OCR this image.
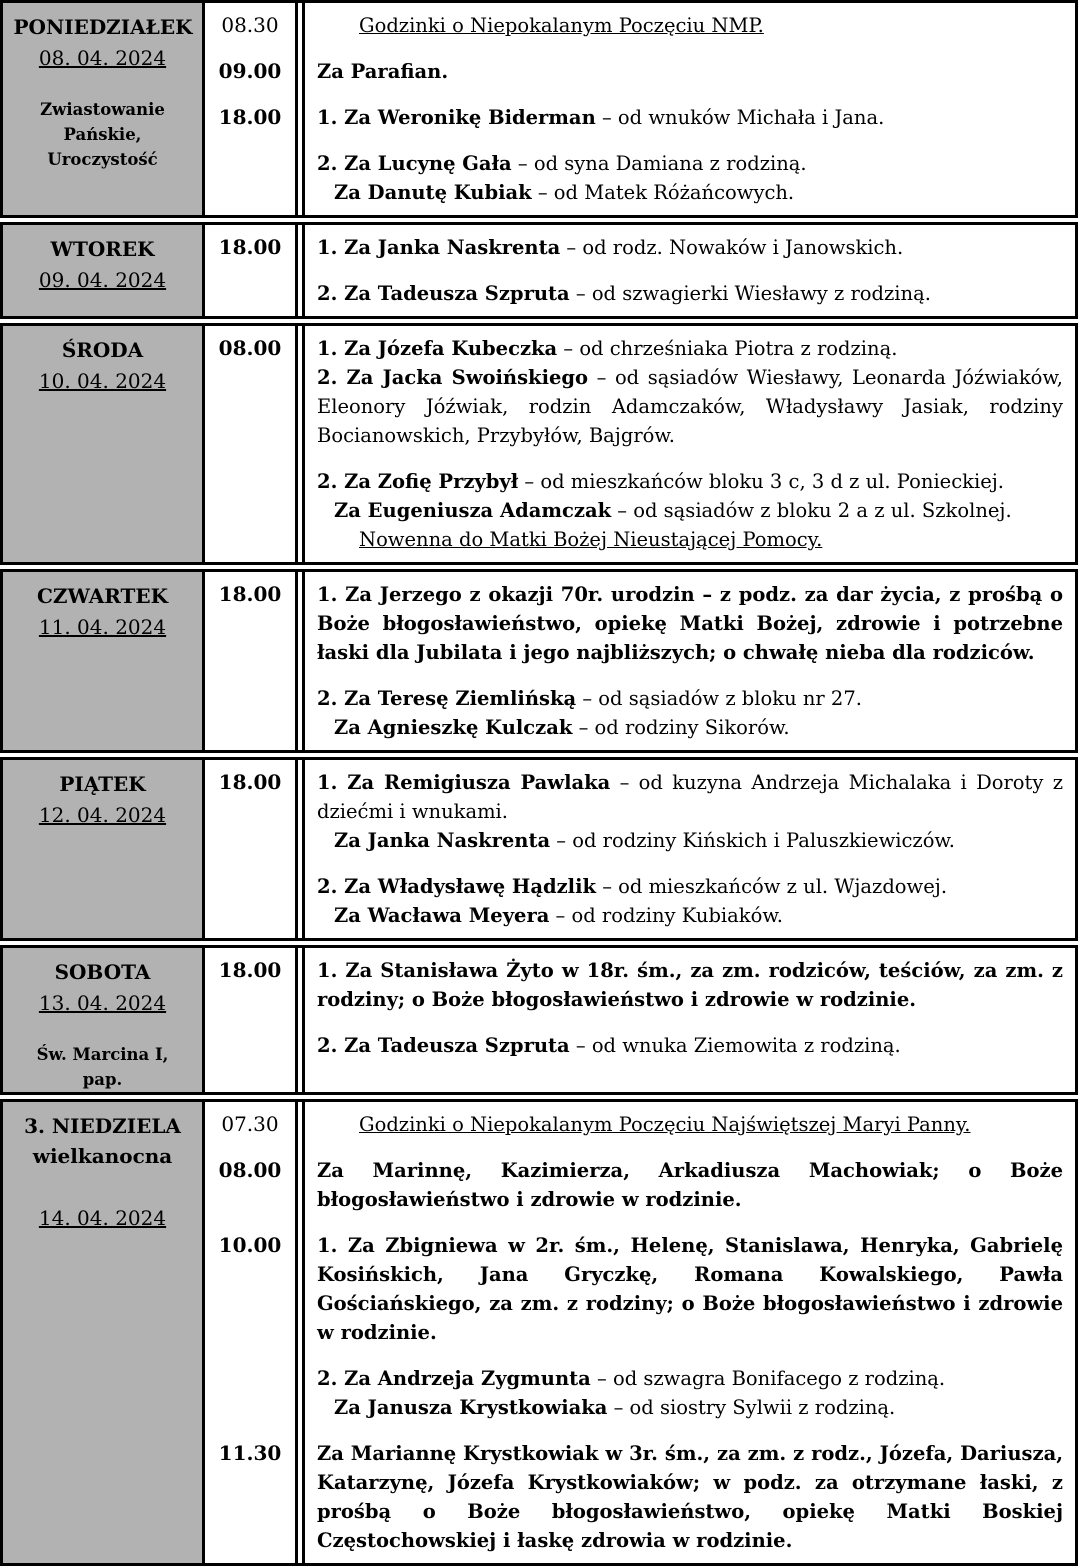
PONIEDZIAŁEK
08. 04. 2024
Zwiastowanie Pańskie, Uroczystość
08.30	Godzinki o Niepokalanym Poczęciu NMP.
09.00	Za Parafian.
18.00	1. Za Weronikę Biderman – od wnuków Michała i Jana.
2. Za Lucynę Gała – od syna Damiana z rodziną.
Za Danutę Kubiak – od Matek Różańcowych.
WTOREK
09. 04. 2024
18.00	1. Za Janka Naskrenta – od rodz. Nowaków i Janowskich.
2. Za Tadeusza Szpruta – od szwagierki Wiesławy z rodziną.
ŚRODA
10. 04. 2024
08.00	1. Za Józefa Kubeczka – od chrześniaka Piotra z rodziną.
2. Za Jacka Swoińskiego – od sąsiadów Wiesławy, Leonarda Jóźwiaków, Eleonory Jóźwiak, rodzin Adamczaków, Władysławy Jasiak, rodziny Bocianowskich, Przybyłów, Bajgrów.
2. Za Zofię Przybył – od mieszkańców bloku 3 c, 3 d z ul. Ponieckiej.
Za Eugeniusza Adamczak – od sąsiadów z bloku 2 a z ul. Szkolnej.
Nowenna do Matki Bożej Nieustającej Pomocy.
CZWARTEK
11. 04. 2024
18.00	1. Za Jerzego z okazji 70r. urodzin – z podz. za dar życia, z prośbą o Boże błogosławieństwo, opiekę Matki Bożej, zdrowie i potrzebne łaski dla Jubilata i jego najbliższych; o chwałę nieba dla rodziców.
2. Za Teresę Ziemlińską – od sąsiadów z bloku nr 27.
Za Agnieszkę Kulczak – od rodziny Sikorów.
PIĄTEK
12. 04. 2024
18.00	1. Za Remigiusza Pawlaka – od kuzyna Andrzeja Michalaka i Doroty z dziećmi i wnukami.
Za Janka Naskrenta – od rodziny Kińskich i Paluszkiewiczów.
2. Za Władysławę Hądzlik – od mieszkańców z ul. Wjazdowej.
Za Wacława Meyera – od rodziny Kubiaków.
SOBOTA
13. 04. 2024
Św. Marcina I, pap.
18.00	1. Za Stanisława Żyto w 18r. śm., za zm. rodziców, teściów, za zm. z rodziny; o Boże błogosławieństwo i zdrowie w rodzinie.
2. Za Tadeusza Szpruta – od wnuka Ziemowita z rodziną.
3. NIEDZIELA wielkanocna
14. 04. 2024
07.30	Godzinki o Niepokalanym Poczęciu Najświętszej Maryi Panny.
08.00	Za Marinnę, Kazimierza, Arkadiusza Machowiak; o Boże błogosławieństwo i zdrowie w rodzinie.
10.00	1. Za Zbigniewa w 2r. śm., Helenę, Stanislawa, Henryka, Gabrielę Kosińskich, Jana Gryczkę, Romana Kowalskiego, Pawła Gościańskiego, za zm. z rodziny; o Boże błogosławieństwo i zdrowie w rodzinie.
2. Za Andrzeja Zygmunta – od szwagra Bonifacego z rodziną.
Za Janusza Krystkowiaka – od siostry Sylwii z rodziną.
11.30	Za Mariannę Krystkowiak w 3r. śm., za zm. z rodz., Józefa, Dariusza, Katarzynę, Józefa Krystkowiaków; w podz. za otrzymane łaski, z prośbą o Boże błogosławieństwo, opiekę Matki Boskiej Częstochowskiej i łaskę zdrowia w rodzinie.
